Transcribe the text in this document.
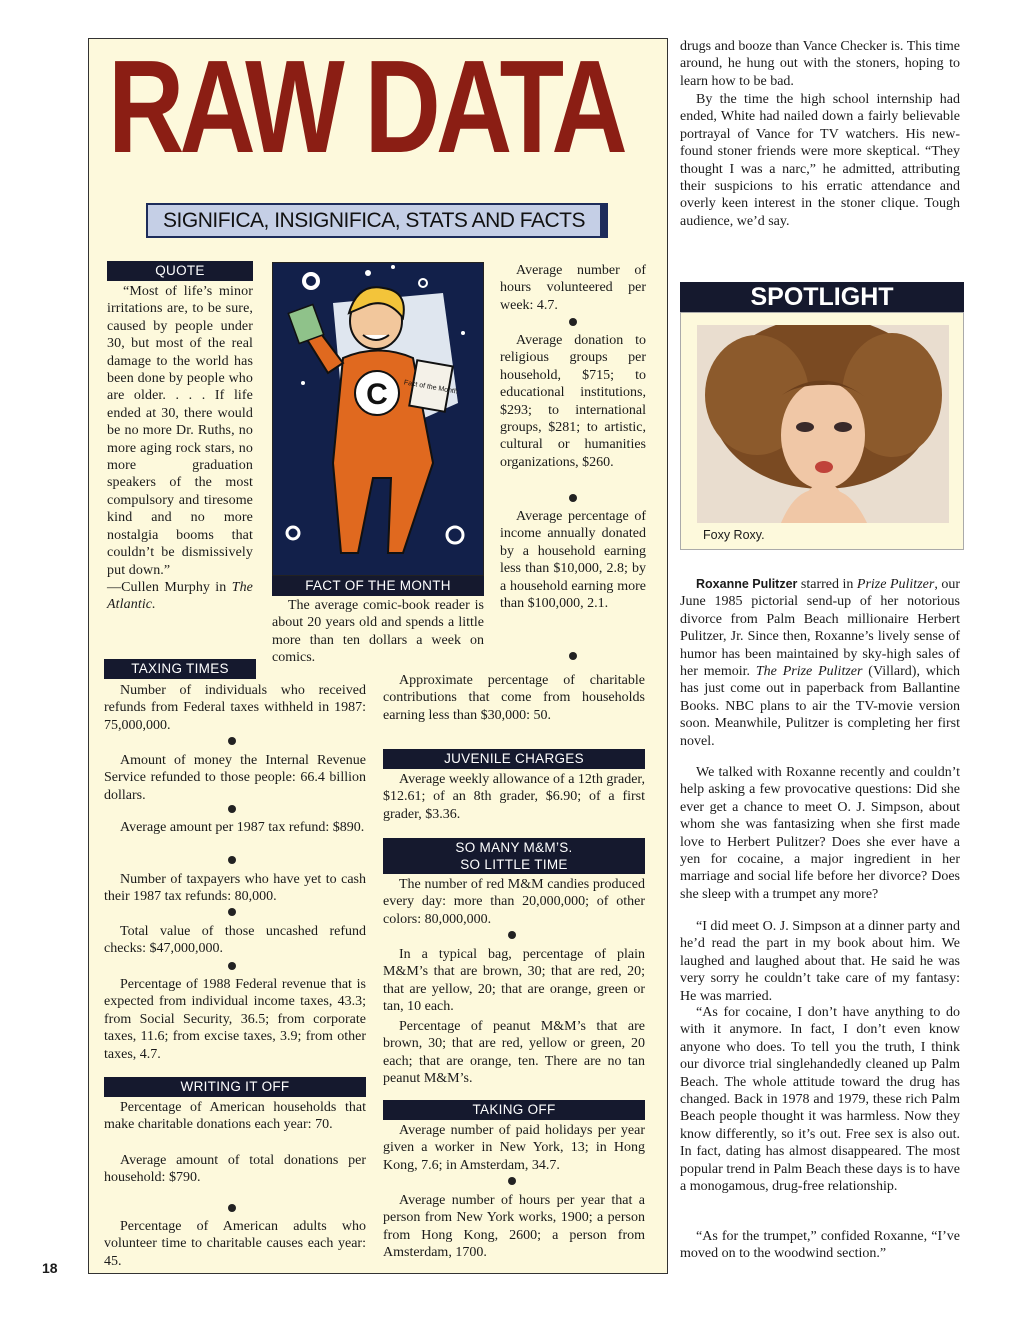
18
RAW DATA
SIGNIFICA, INSIGNIFICA, STATS AND FACTS
QUOTE
“Most of life’s minor irritations are, to be sure, caused by people under 30, but most of the real damage to the world has been done by people who are older. . . . If life ended at 30, there would be no more Dr. Ruths, no more aging rock stars, no more graduation speakers of the most compulsory and tiresome kind and no more nostalgia booms that couldn’t be dismissively put down.”
—Cullen Murphy in The Atlantic.
C Fact of the Month
FACT OF THE MONTH
The average comic-book reader is about 20 years old and spends a little more than ten dollars a week on comics.
Average number of hours volunteered per week: 4.7.
Average donation to religious groups per household, $715; to educational institutions, $293; to international groups, $281; to artistic, cultural or humanities organizations, $260.
Average percentage of income annually donated by a household earning less than $10,000, 2.8; by a household earning more than $100,000, 2.1.
Approximate percentage of charitable contributions that come from households earning less than $30,000: 50.
TAXING TIMES
Number of individuals who received refunds from Federal taxes withheld in 1987: 75,000,000.
Amount of money the Internal Revenue Service refunded to those people: 66.4 billion dollars.
Average amount per 1987 tax refund: $890.
Number of taxpayers who have yet to cash their 1987 tax refunds: 80,000.
Total value of those uncashed refund checks: $47,000,000.
Percentage of 1988 Federal revenue that is expected from individual income taxes, 43.3; from Social Security, 36.5; from corporate taxes, 11.6; from excise taxes, 3.9; from other taxes, 4.7.
WRITING IT OFF
Percentage of American households that make charitable donations each year: 70.
Average amount of total donations per household: $790.
Percentage of American adults who volunteer time to charitable causes each year: 45.
JUVENILE CHARGES
Average weekly allowance of a 12th grader, $12.61; of an 8th grader, $6.90; of a first grader, $3.36.
SO MANY M&M’S.
SO LITTLE TIME
The number of red M&M candies produced every day: more than 20,000,000; of other colors: 80,000,000.
In a typical bag, percentage of plain M&M’s that are brown, 30; that are red, 20; that are yellow, 20; that are orange, green or tan, 10 each.
Percentage of peanut M&M’s that are brown, 30; that are red, yellow or green, 20 each; that are orange, ten. There are no tan peanut M&M’s.
TAKING OFF
Average number of paid holidays per year given a worker in New York, 13; in Hong Kong, 7.6; in Amsterdam, 34.7.
Average number of hours per year that a person from New York works, 1900; a person from Hong Kong, 2600; a person from Amsterdam, 1700.
drugs and booze than Vance Checker is. This time around, he hung out with the stoners, hoping to learn how to be bad.
By the time the high school internship had ended, White had nailed down a fairly believable portrayal of Vance for TV watchers. His new-found stoner friends were more skeptical. “They thought I was a narc,” he admitted, attributing their suspicions to his erratic attendance and overly keen interest in the stoner clique. Tough audience, we’d say.
SPOTLIGHT
Foxy Roxy.
Roxanne Pulitzer starred in Prize Pulitzer, our June 1985 pictorial send-up of her notorious divorce from Palm Beach millionaire Herbert Pulitzer, Jr. Since then, Roxanne’s lively sense of humor has been maintained by sky-high sales of her memoir. The Prize Pulitzer (Villard), which has just come out in paperback from Ballantine Books. NBC plans to air the TV-movie version soon. Meanwhile, Pulitzer is completing her first novel.
We talked with Roxanne recently and couldn’t help asking a few provocative questions: Did she ever get a chance to meet O. J. Simpson, about whom she was fantasizing when she first made love to Herbert Pulitzer? Does she ever have a yen for cocaine, a major ingredient in her marriage and social life before her divorce? Does she sleep with a trumpet any more?
“I did meet O. J. Simpson at a dinner party and he’d read the part in my book about him. We laughed and laughed about that. He said he was very sorry he couldn’t take care of my fantasy: He was married.
“As for cocaine, I don’t have anything to do with it anymore. In fact, I don’t even know anyone who does. To tell you the truth, I think our divorce trial singlehandedly cleaned up Palm Beach. The whole attitude toward the drug has changed. Back in 1978 and 1979, these rich Palm Beach people thought it was harmless. Now they know differently, so it’s out. Free sex is also out. In fact, dating has almost disappeared. The most popular trend in Palm Beach these days is to have a monogamous, drug-free relationship.
“As for the trumpet,” confided Roxanne, “I’ve moved on to the woodwind section.”
